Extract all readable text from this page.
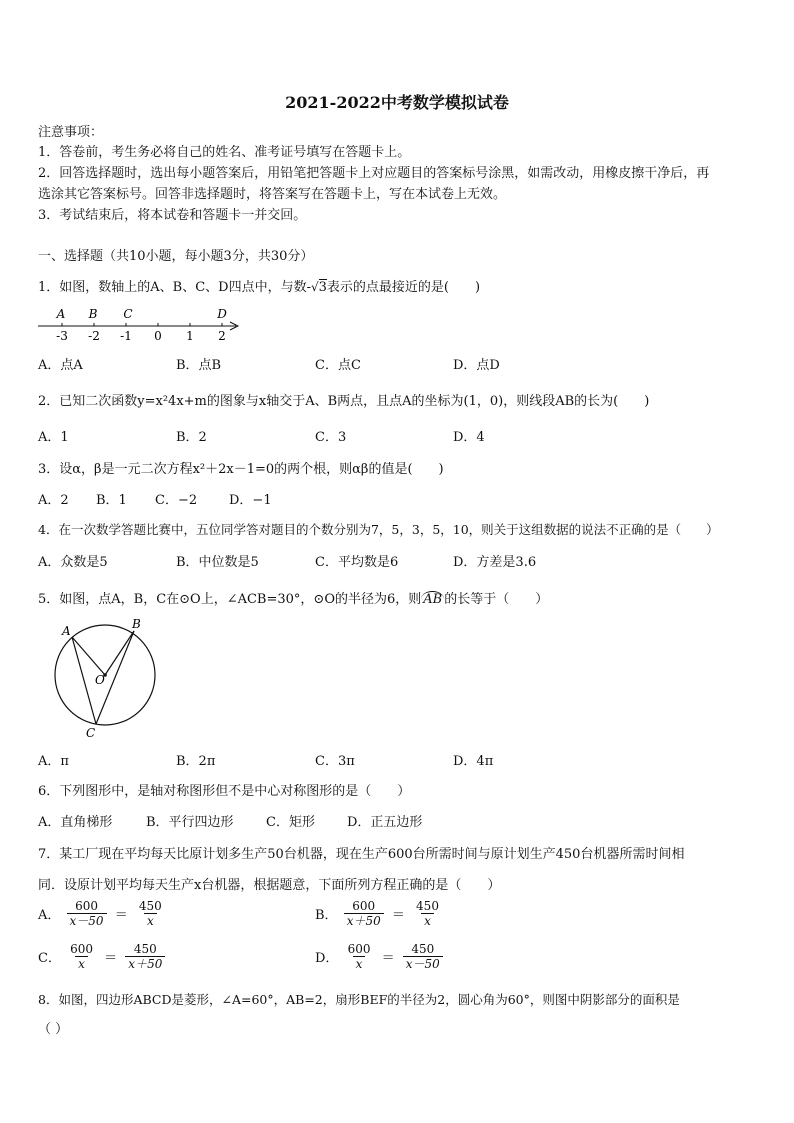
2021-2022中考数学模拟试卷
注意事项：
1．答卷前，考生务必将自己的姓名、准考证号填写在答题卡上。
2．回答选择题时，选出每小题答案后，用铅笔把答题卡上对应题目的答案标号涂黑，如需改动，用橡皮擦干净后，再
选涂其它答案标号。回答非选择题时，将答案写在答题卡上，写在本试卷上无效。
3．考试结束后，将本试卷和答题卡一并交回。
一、选择题（共10小题，每小题3分，共30分）
1．如图，数轴上的A、B、C、D四点中，与数-√3表示的点最接近的是(　　)
A B C	D
-3 -2 -1 0 1 2
A．点A	B．点B	C．点C	D．点D
2．已知二次函数y=x²4x+m的图象与x轴交于A、B两点，且点A的坐标为(1，0)，则线段AB的长为(　　)
A．1	B．2	C．3	D．4
3．设α，β是一元二次方程x²＋2x－1=0的两个根，则αβ的值是(　　)
A．2 B．1 C．−2 D．−1
4．在一次数学答题比赛中，五位同学答对题目的个数分别为7，5，3，5，10，则关于这组数据的说法不正确的是（　　）
A．众数是5	B．中位数是5	C．平均数是6	D．方差是3.6
5．如图，点A，B，C在⊙O上，∠ACB=30°，⊙O的半径为6，则 AB 的长等于（　　）
A	B
O
C
A．π	B．2π	C．3π	D．4π
6．下列图形中，是轴对称图形但不是中心对称图形的是（　　）
A．直角梯形	B．平行四边形 C．矩形 D．正五边形
7．某工厂现在平均每天比原计划多生产50台机器，现在生产600台所需时间与原计划生产450台机器所需时间相
同．设原计划平均每天生产x台机器，根据题意，下面所列方程正确的是（　　）
A． $\frac{600}{x-50} = \frac{450}{x}$	B． $\frac{600}{x+50} = \frac{450}{x}$
C． $\frac{600}{x} = \frac{450}{x+50}$	D． $\frac{600}{x} = \frac{450}{x-50}$
8．如图，四边形ABCD是菱形，∠A=60°，AB=2，扇形BEF的半径为2，圆心角为60°，则图中阴影部分的面积是
（ ）
